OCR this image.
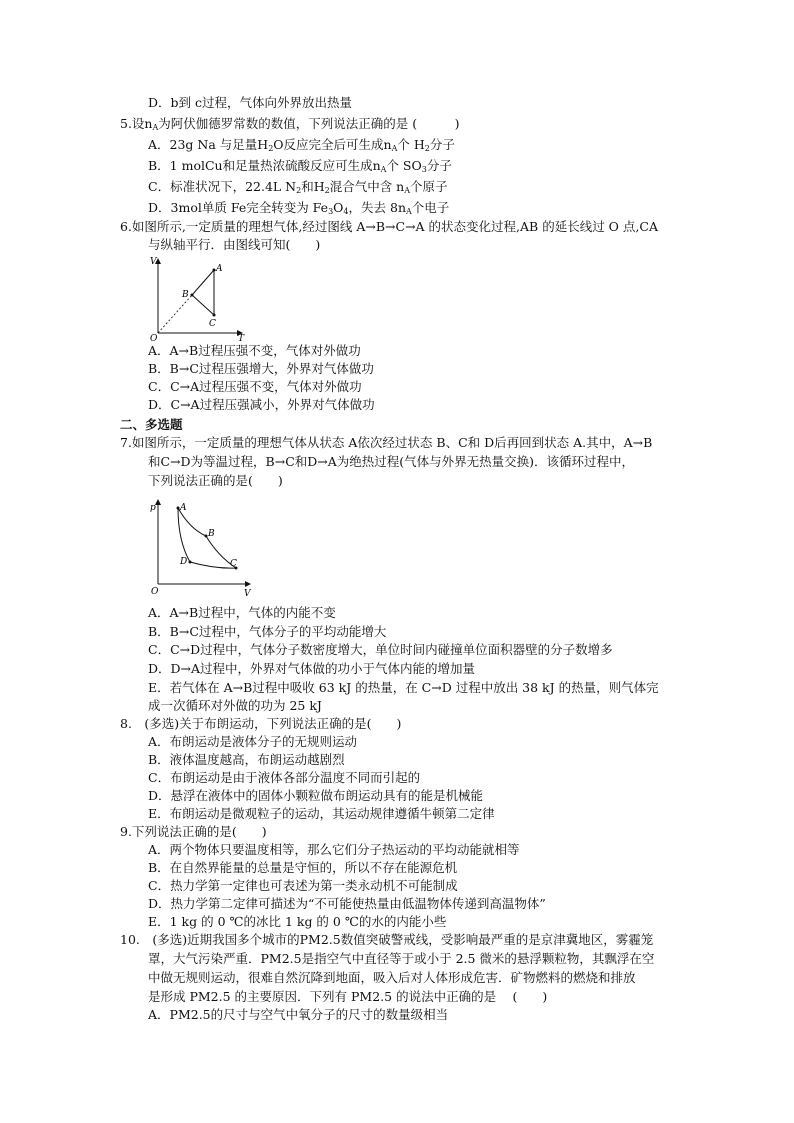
D．b到 c过程，气体向外界放出热量
5.设$n_A$为阿伏伽德罗常数的数值，下列说法正确的是 (　　　)
A．23g Na 与足量$H_2O$反应完全后可生成$n_A$个 $H_2$分子
B．1 molCu和足量热浓硫酸反应可生成$n_A$个 $SO_3$分子
C．标准状况下，22.4L $N_2$和$H_2$混合气中含 $n_A$个原子
D．3mol单质 Fe完全转变为 $Fe_3O_4$，失去 $8n_A$个电子
6.如图所示,一定质量的理想气体,经过图线 A→B→C→A 的状态变化过程,AB 的延长线过 O 点,CA
与纵轴平行．由图线可知(　　)
V
T
O
A
B
C
A．A→B过程压强不变，气体对外做功
B．B→C过程压强增大，外界对气体做功
C．C→A过程压强不变，气体对外做功
D．C→A过程压强减小，外界对气体做功
二、多选题
7.如图所示，一定质量的理想气体从状态 A依次经过状态 B、C和 D后再回到状态 A.其中，A→B
和C→D为等温过程，B→C和D→A为绝热过程(气体与外界无热量交换)．该循环过程中，
下列说法正确的是(　　)
p
V
O
A
B
C
D
A．A→B过程中，气体的内能不变
B．B→C过程中，气体分子的平均动能增大
C．C→D过程中，气体分子数密度增大，单位时间内碰撞单位面积器壁的分子数增多
D．D→A过程中，外界对气体做的功小于气体内能的增加量
E．若气体在 A→B过程中吸收 63 kJ 的热量，在 C→D 过程中放出 38 kJ 的热量，则气体完
成一次循环对外做的功为 25 kJ
8.　(多选)关于布朗运动，下列说法正确的是(　　)
A．布朗运动是液体分子的无规则运动
B．液体温度越高，布朗运动越剧烈
C．布朗运动是由于液体各部分温度不同而引起的
D．悬浮在液体中的固体小颗粒做布朗运动具有的能是机械能
E．布朗运动是微观粒子的运动，其运动规律遵循牛顿第二定律
9.下列说法正确的是(　　)
A．两个物体只要温度相等，那么它们分子热运动的平均动能就相等
B．在自然界能量的总量是守恒的，所以不存在能源危机
C．热力学第一定律也可表述为第一类永动机不可能制成
D．热力学第二定律可描述为“不可能使热量由低温物体传递到高温物体”
E．1 kg 的 0 ℃的冰比 1 kg 的 0 ℃的水的内能小些
10.　(多选)近期我国多个城市的PM2.5数值突破警戒线，受影响最严重的是京津冀地区，雾霾笼
罩，大气污染严重．PM2.5是指空气中直径等于或小于 2.5 微米的悬浮颗粒物，其飘浮在空
中做无规则运动，很难自然沉降到地面，吸入后对人体形成危害．矿物燃料的燃烧和排放
是形成 PM2.5 的主要原因．下列有 PM2.5 的说法中正确的是　 (　　)
A．PM2.5的尺寸与空气中氧分子的尺寸的数量级相当
